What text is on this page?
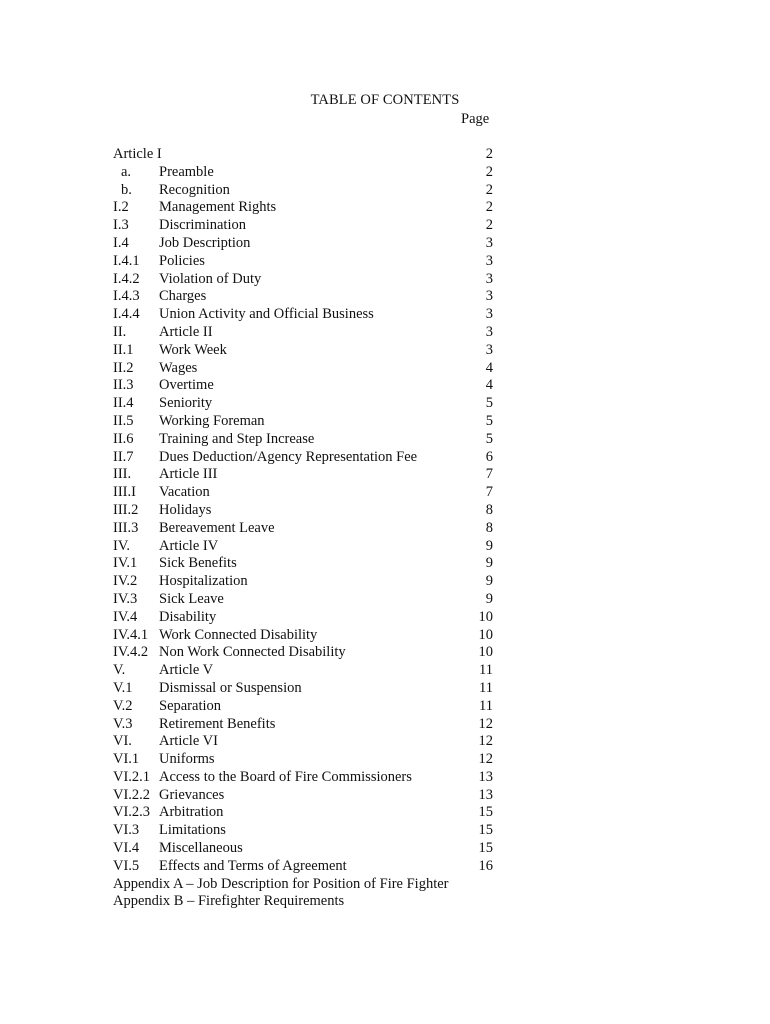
TABLE OF CONTENTS
Page
Article I	2
a. Preamble	2
b. Recognition	2
I.2 Management Rights	2
I.3 Discrimination	2
I.4 Job Description	3
I.4.1 Policies	3
I.4.2 Violation of Duty	3
I.4.3 Charges	3
I.4.4 Union Activity and Official Business	3
II. Article II	3
II.1 Work Week	3
II.2 Wages	4
II.3 Overtime	4
II.4 Seniority	5
II.5 Working Foreman	5
II.6 Training and Step Increase	5
II.7 Dues Deduction/Agency Representation Fee	6
III. Article III	7
III.I Vacation	7
III.2 Holidays	8
III.3 Bereavement Leave	8
IV. Article IV	9
IV.1 Sick Benefits	9
IV.2 Hospitalization	9
IV.3 Sick Leave	9
IV.4 Disability	10
IV.4.1 Work Connected Disability	10
IV.4.2 Non Work Connected Disability	10
V. Article V	11
V.1 Dismissal or Suspension	11
V.2 Separation	11
V.3 Retirement Benefits	12
VI. Article VI	12
VI.1 Uniforms	12
VI.2.1 Access to the Board of Fire Commissioners	13
VI.2.2 Grievances	13
VI.2.3 Arbitration	15
VI.3 Limitations	15
VI.4 Miscellaneous	15
VI.5 Effects and Terms of Agreement	16
Appendix A – Job Description for Position of Fire Fighter
Appendix B – Firefighter Requirements
